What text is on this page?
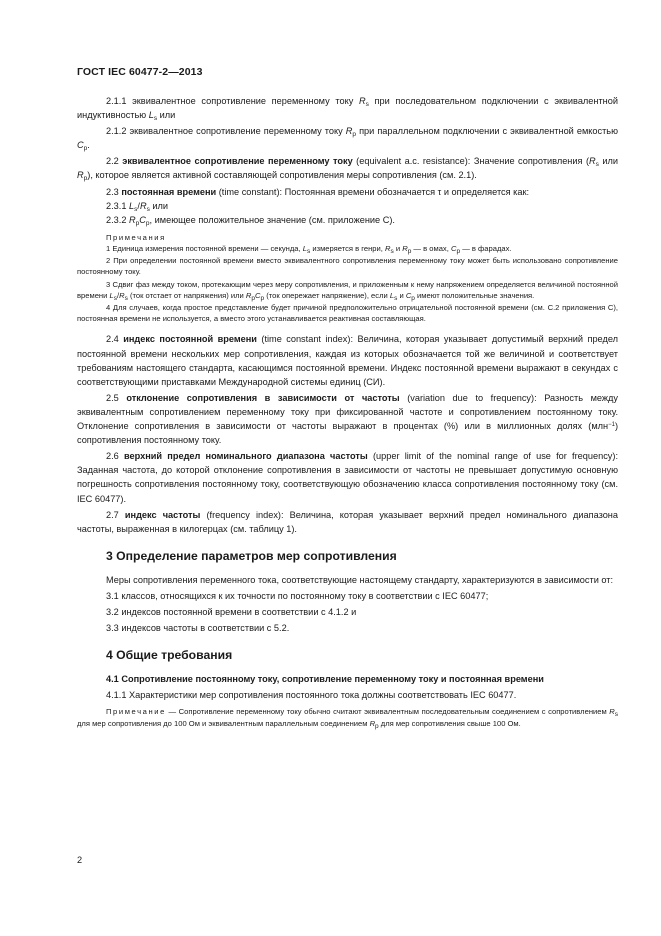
ГОСТ IEC 60477-2—2013

2.1.1 эквивалентное сопротивление переменному току $R_s$ при последовательном подключении с эквивалентной индуктивностью $L_s$ или

2.1.2 эквивалентное сопротивление переменному току $R_p$ при параллельном подключении с эквивалентной емкостью $C_p$.

2.2 эквивалентное сопротивление переменному току (equivalent a.c. resistance): Значение сопротивления ($R_s$ или $R_p$), которое является активной составляющей сопротивления меры сопротивления (см. 2.1).

2.3 постоянная времени (time constant): Постоянная времени обозначается τ и определяется как:

2.3.1 $L_s/R_s$ или

2.3.2 $R_pC_p$, имеющее положительное значение (см. приложение С).

Примечания

1 Единица измерения постоянной времени — секунда, $L_s$ измеряется в генри, $R_s$ и $R_p$ — в омах, $C_p$ — в фарадах.

2 При определении постоянной времени вместо эквивалентного сопротивления переменному току может быть использовано сопротивление постоянному току.

3 Сдвиг фаз между током, протекающим через меру сопротивления, и приложенным к нему напряжением определяется величиной постоянной времени $L_s/R_s$ (ток отстает от напряжения) или $R_pC_p$ (ток опережает напряжение), если $L_s$ и $C_p$ имеют положительные значения.

4 Для случаев, когда простое представление будет причиной предположительно отрицательной постоянной времени (см. С.2 приложения С), постоянная времени не используется, а вместо этого устанавливается реактивная составляющая.

2.4 индекс постоянной времени (time constant index): Величина, которая указывает допустимый верхний предел постоянной времени нескольких мер сопротивления, каждая из которых обозначается той же величиной и соответствует требованиям настоящего стандарта, касающимся постоянной времени. Индекс постоянной времени выражают в секундах с соответствующими приставками Международной системы единиц (СИ).

2.5 отклонение сопротивления в зависимости от частоты (variation due to frequency): Разность между эквивалентным сопротивлением переменному току при фиксированной частоте и сопротивлением постоянному току. Отклонение сопротивления в зависимости от частоты выражают в процентах (%) или в миллионных долях (млн$^{-1}$) сопротивления постоянному току.

2.6 верхний предел номинального диапазона частоты (upper limit of the nominal range of use for frequency): Заданная частота, до которой отклонение сопротивления в зависимости от частоты не превышает допустимую основную погрешность сопротивления постоянному току, соответствующую обозначению класса сопротивления постоянному току (см. IEC 60477).

2.7 индекс частоты (frequency index): Величина, которая указывает верхний предел номинального диапазона частоты, выраженная в килогерцах (см. таблицу 1).

3 Определение параметров мер сопротивления

Меры сопротивления переменного тока, соответствующие настоящему стандарту, характеризуются в зависимости от:

3.1 классов, относящихся к их точности по постоянному току в соответствии с IEC 60477;

3.2 индексов постоянной времени в соответствии с 4.1.2 и

3.3 индексов частоты в соответствии с 5.2.

4 Общие требования

4.1 Сопротивление постоянному току, сопротивление переменному току и постоянная времени

4.1.1 Характеристики мер сопротивления постоянного тока должны соответствовать IEC 60477.

Примечание — Сопротивление переменному току обычно считают эквивалентным последовательным соединением с сопротивлением $R_s$ для мер сопротивления до 100 Ом и эквивалентным параллельным соединением $R_p$ для мер сопротивления свыше 100 Ом.

2
